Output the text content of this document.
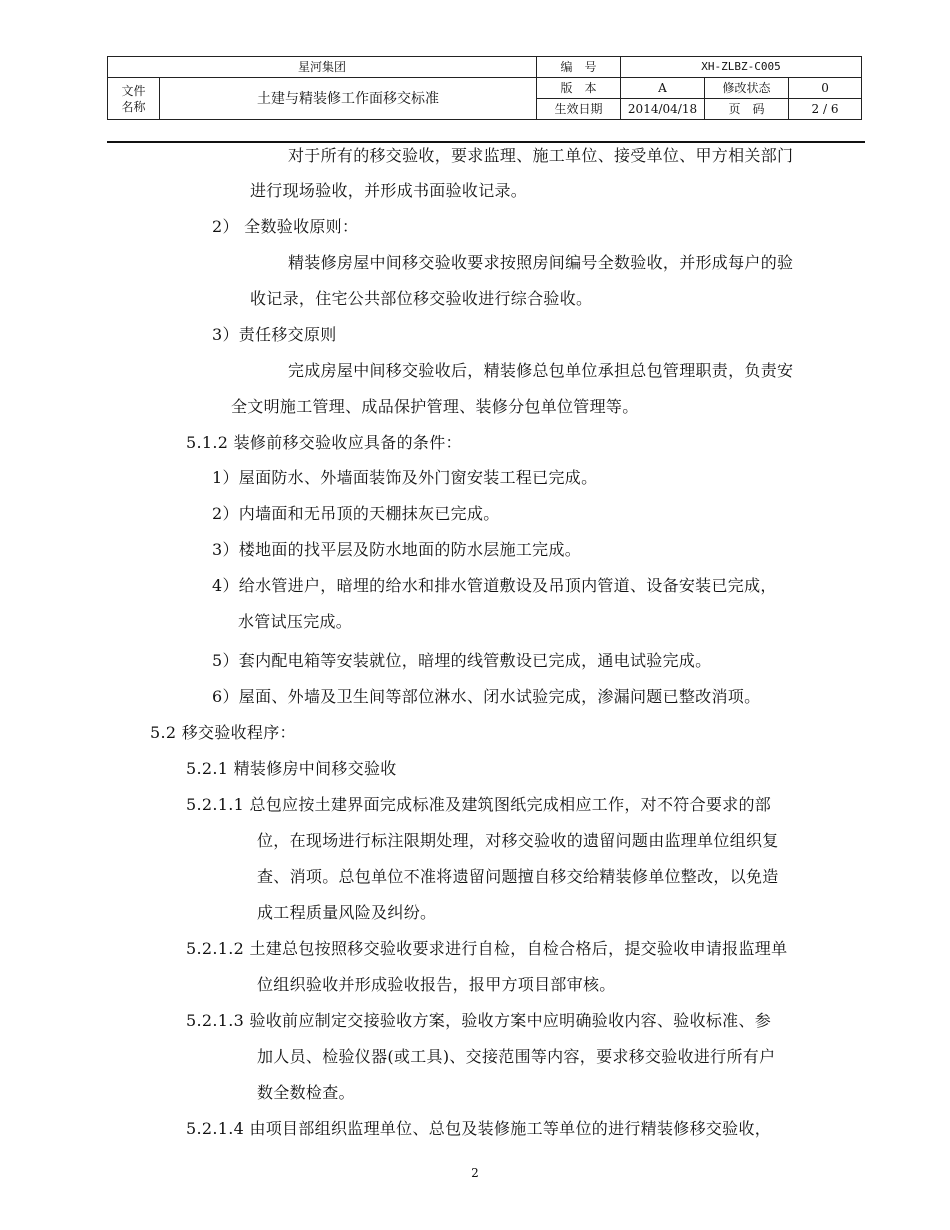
星河集团		编　号	XH-ZLBZ-C005		

文件
名称	土建与精装修工作面移交标准	版　本	A	修改状态	0
		生效日期	2014/04/18	页　码	2 / 6
对于所有的移交验收，要求监理、施工单位、接受单位、甲方相关部门
进行现场验收，并形成书面验收记录。
2） 全数验收原则：
精装修房屋中间移交验收要求按照房间编号全数验收，并形成每户的验
收记录，住宅公共部位移交验收进行综合验收。
3）责任移交原则
完成房屋中间移交验收后，精装修总包单位承担总包管理职责，负责安
全文明施工管理、成品保护管理、装修分包单位管理等。
5.1.2 装修前移交验收应具备的条件：
1）屋面防水、外墙面装饰及外门窗安装工程已完成。
2）内墙面和无吊顶的天棚抹灰已完成。
3）楼地面的找平层及防水地面的防水层施工完成。
4）给水管进户，暗埋的给水和排水管道敷设及吊顶内管道、设备安装已完成，
水管试压完成。
5）套内配电箱等安装就位，暗埋的线管敷设已完成，通电试验完成。
6）屋面、外墙及卫生间等部位淋水、闭水试验完成，渗漏问题已整改消项。
5.2 移交验收程序：
5.2.1 精装修房中间移交验收
5.2.1.1 总包应按土建界面完成标准及建筑图纸完成相应工作，对不符合要求的部
位，在现场进行标注限期处理，对移交验收的遗留问题由监理单位组织复
查、消项。总包单位不准将遗留问题擅自移交给精装修单位整改，以免造
成工程质量风险及纠纷。
5.2.1.2 土建总包按照移交验收要求进行自检，自检合格后，提交验收申请报监理单
位组织验收并形成验收报告，报甲方项目部审核。
5.2.1.3 验收前应制定交接验收方案，验收方案中应明确验收内容、验收标准、参
加人员、检验仪器(或工具)、交接范围等内容，要求移交验收进行所有户
数全数检查。
5.2.1.4 由项目部组织监理单位、总包及装修施工等单位的进行精装修移交验收，
2
